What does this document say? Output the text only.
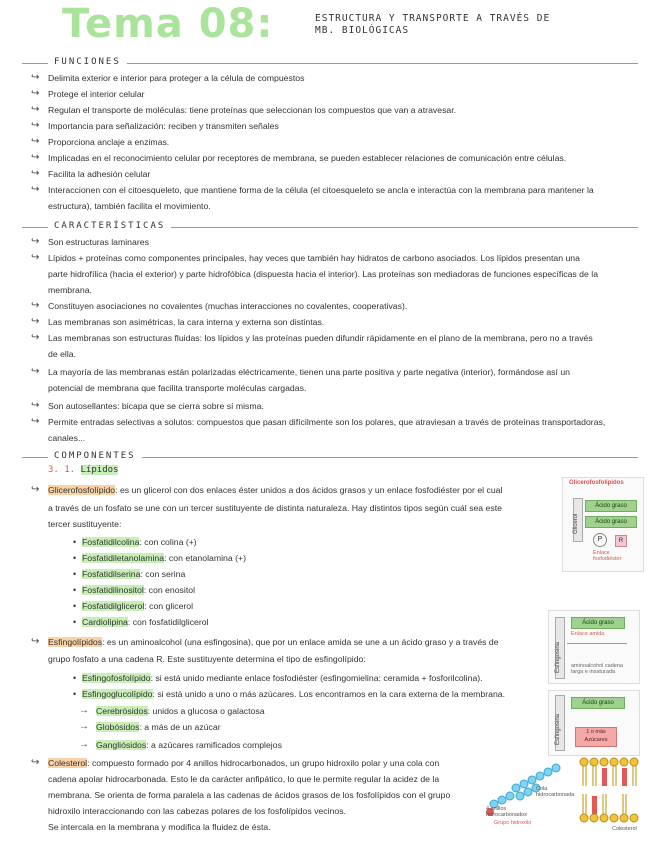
Tema 08:	ESTRUCTURA Y TRANSPORTE A TRAVÉS DE
MB. BIOLÓGICAS
FUNCIONES
↪ Delimita exterior e interior para proteger a la célula de compuestos
↪ Protege el interior celular
↪ Regulan el transporte de moléculas: tiene proteínas que seleccionan los compuestos que van a atravesar.
↪ Importancia para señalización: reciben y transmiten señales
↪ Proporciona anclaje a enzimas.
↪ Implicadas en el reconocimiento celular por receptores de membrana, se pueden establecer relaciones de comunicación entre células.
↪ Facilita la adhesión celular
↪ Interaccionen con el citoesqueleto, que mantiene forma de la célula (el citoesqueleto se ancla e interactúa con la membrana para mantener la
estructura), también facilita el movimiento.
CARACTERÍSTICAS
↪ Son estructuras laminares
↪ Lípidos + proteínas como componentes principales, hay veces que también hay hidratos de carbono asociados. Los lípidos presentan una
parte hidrofílica (hacia el exterior) y parte hidrofóbica (dispuesta hacia el interior). Las proteínas son mediadoras de funciones específicas de la
membrana.
↪ Constituyen asociaciones no covalentes (muchas interacciones no covalentes, cooperativas).
↪ Las membranas son asimétricas, la cara interna y externa son distintas.
↪ Las membranas son estructuras fluidas: los lípidos y las proteínas pueden difundir rápidamente en el plano de la membrana, pero no a través
de ella.
↪ La mayoría de las membranas están polarizadas eléctricamente, tienen una parte positiva y parte negativa (interior), formándose así un
potencial de membrana que facilita transporte moléculas cargadas.
↪ Son autosellantes: bicapa que se cierra sobre sí misma.
↪ Permite entradas selectivas a solutos: compuestos que pasan difícilmente son los polares, que atraviesan a través de proteínas transportadoras,
canales...
COMPONENTES
3. 1. Lípidos
↪ Glicerofosfolípido: es un glicerol con dos enlaces éster unidos a dos ácidos grasos y un enlace fosfodiéster por el cual
a través de un fosfato se une con un tercer sustituyente de distinta naturaleza. Hay distintos tipos según cuál sea este
tercer sustituyente:
• Fosfatidilcolina: con colina (+)
• Fosfatidiletanolamina: con etanolamina (+)
• Fosfatidilserina: con serina
• Fosfatidilinositol: con enositol
• Fosfatidilglicerol: con glicerol
• Cardiolipina: con fosfatidilglicerol
↪ Esfingolípidos: es un aminoalcohol (una esfingosina), que por un enlace amida se une a un ácido graso y a través de
grupo fosfato a una cadena R. Este sustituyente determina el tipo de esfingolípido:
• Esfingofosfolípido: si está unido mediante enlace fosfodiéster (esfingomielina: ceramida + fosforilcolina).
• Esfingoglucolípido: si está unido a uno o más azúcares. Los encontramos en la cara externa de la membrana.
→ Cerebrósidos: unidos a glucosa o galactosa
→ Globósidos: a más de un azúcar
→ Gangliósidos: a azúcares ramificados complejos
↪ Colesterol: compuesto formado por 4 anillos hidrocarbonados, un grupo hidroxilo polar y una cola con
cadena apolar hidrocarbonada. Esto le da carácter anfipático, lo que le permite regular la acidez de la
membrana. Se orienta de forma paralela a las cadenas de ácidos grasos de los fosfolípidos con el grupo
hidroxilo interaccionando con las cabezas polares de los fosfolípidos vecinos.
Se intercala en la membrana y modifica la fluidez de ésta.
Glicerofosfolípidos
Glicerol
Ácido graso
Ácido graso
P	R
Enlace fosfodiéster
Esfingosina
Ácido graso
Enlace amida
aminoalcohol cadena larga e insaturada
Esfingosina
Ácido graso
1 o más Azúcares
Cola hidrocarbonada
4 anillos hidrocarbonados
Grupo hidroxilo
Colesterol
